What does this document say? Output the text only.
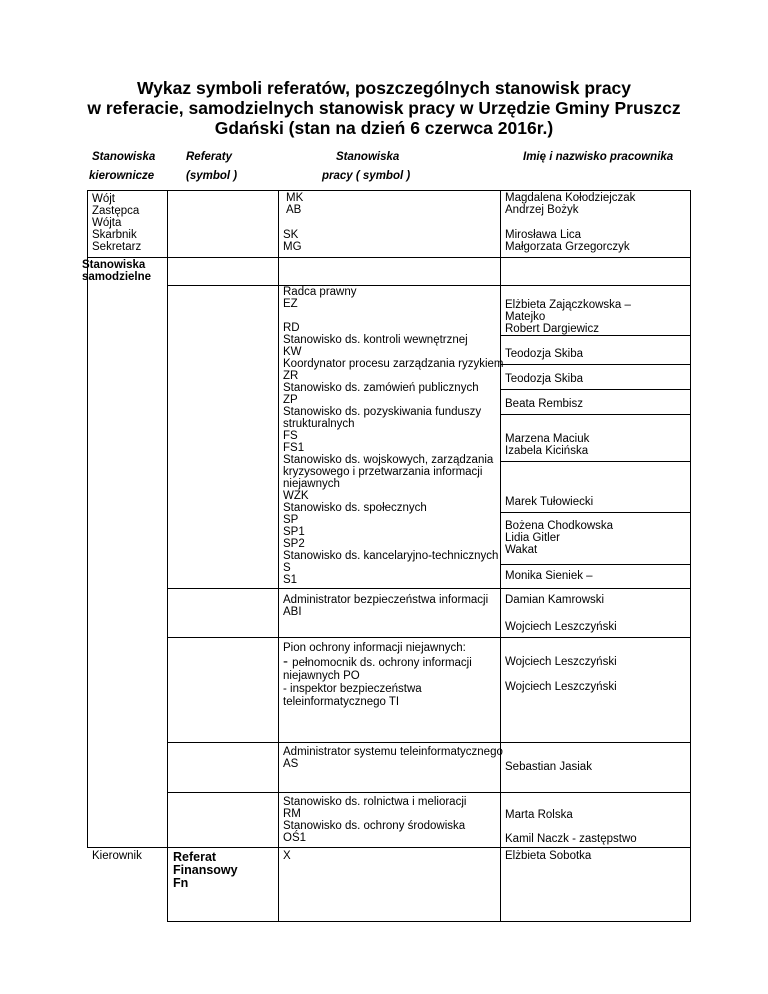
Wykaz symboli referatów, poszczególnych stanowisk pracy
w referacie, samodzielnych stanowisk pracy w Urzędzie Gminy Pruszcz
Gdański (stan na dzień 6 czerwca 2016r.)
Stanowiska
kierownicze
Referaty
(symbol )
Stanowiska
pracy ( symbol )
Imię i nazwisko pracownika
Wójt
Zastępca
Wójta
Skarbnik
Sekretarz
MK
AB
SK
MG
Magdalena Kołodziejczak
Andrzej Bożyk
Mirosława Lica
Małgorzata Grzegorczyk
Stanowiska
samodzielne
Radca prawny
EZ
RD
Stanowisko ds. kontroli wewnętrznej
KW
Koordynator procesu zarządzania ryzykiem
ZR
Stanowisko ds. zamówień publicznych
ZP
Stanowisko ds. pozyskiwania funduszy
strukturalnych
FS
FS1
Stanowisko ds. wojskowych, zarządzania
kryzysowego i przetwarzania informacji
niejawnych
WZK
Stanowisko ds. społecznych
SP
SP1
SP2
Stanowisko ds. kancelaryjno-technicznych
S
S1
Administrator bezpieczeństwa informacji
ABI
Elżbieta Zajączkowska –
Matejko
Robert Dargiewicz
Teodozja Skiba
Teodozja Skiba
Beata Rembisz
Marzena Maciuk
Izabela Kicińska
Marek Tułowiecki
Bożena Chodkowska
Lidia Gitler
Wakat
Monika Sieniek –
Damian Kamrowski
Wojciech Leszczyński
Pion ochrony informacji niejawnych:
- pełnomocnik ds. ochrony informacji
niejawnych PO
- inspektor bezpieczeństwa
teleinformatycznego TI
Wojciech Leszczyński
Wojciech Leszczyński
Administrator systemu teleinformatycznego
AS	Sebastian Jasiak
Stanowisko ds. rolnictwa i melioracji
RM
Stanowisko ds. ochrony środowiska
OŚ1
Marta Rolska
Kamil Naczk - zastępstwo
Kierownik Referat
Finansowy
Fn
X	Elżbieta Sobotka
